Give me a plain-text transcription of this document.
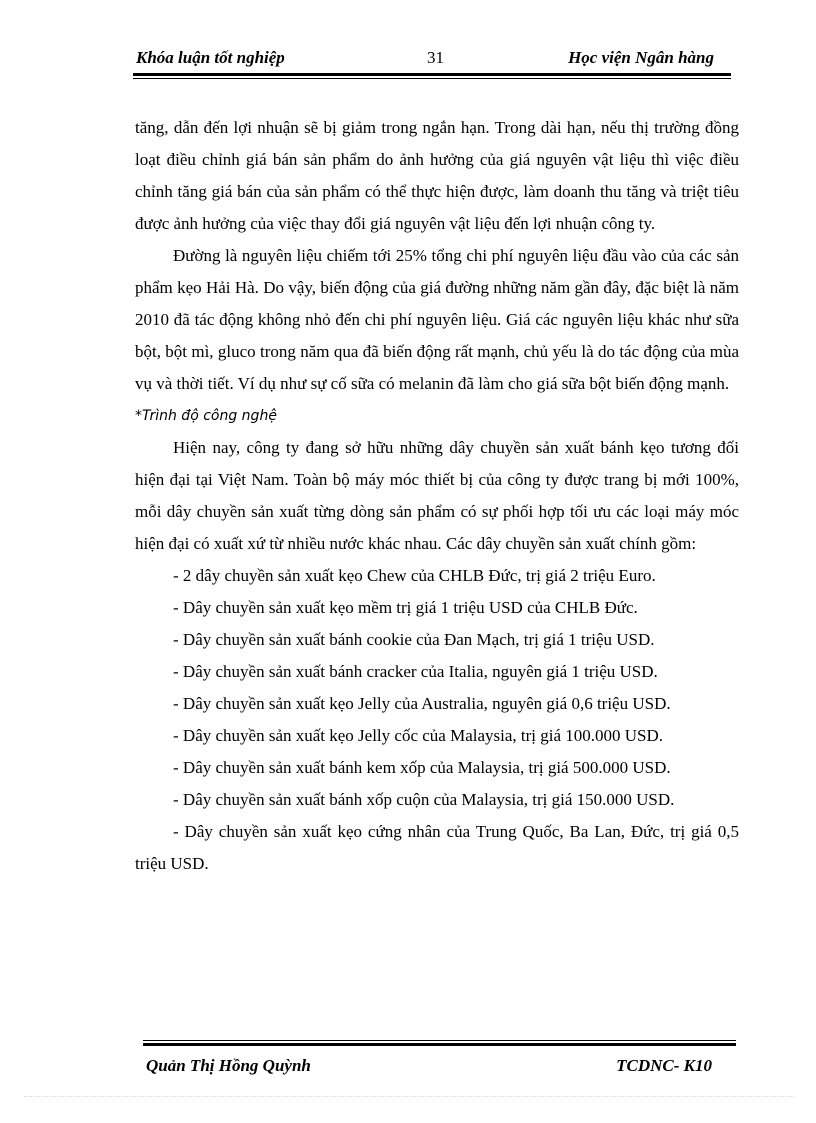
Khóa luận tốt nghiệp	31	Học viện Ngân hàng

tăng, dẫn đến lợi nhuận sẽ bị giảm trong ngắn hạn. Trong dài hạn, nếu thị trường đồng loạt điều chỉnh giá bán sản phẩm do ảnh hưởng của giá nguyên vật liệu thì việc điều chỉnh tăng giá bán của sản phẩm có thể thực hiện được, làm doanh thu tăng và triệt tiêu được ảnh hưởng của việc thay đổi giá nguyên vật liệu đến lợi nhuận công ty.

Đường là nguyên liệu chiếm tới 25% tổng chi phí nguyên liệu đầu vào của các sản phẩm kẹo Hải Hà. Do vậy, biến động của giá đường những năm gần đây, đặc biệt là năm 2010 đã tác động không nhỏ đến chi phí nguyên liệu. Giá các nguyên liệu khác như sữa bột, bột mì, gluco trong năm qua đã biến động rất mạnh, chủ yếu là do tác động của mùa vụ và thời tiết. Ví dụ như sự cố sữa có melanin đã làm cho giá sữa bột biến động mạnh.

*Trình độ công nghệ

Hiện nay, công ty đang sở hữu những dây chuyền sản xuất bánh kẹo tương đối hiện đại tại Việt Nam. Toàn bộ máy móc thiết bị của công ty được trang bị mới 100%, mỗi dây chuyền sản xuất từng dòng sản phẩm có sự phối hợp tối ưu các loại máy móc hiện đại có xuất xứ từ nhiều nước khác nhau. Các dây chuyền sản xuất chính gồm:

- 2 dây chuyền sản xuất kẹo Chew của CHLB Đức, trị giá 2 triệu Euro.

- Dây chuyền sản xuất kẹo mềm trị giá 1 triệu USD của CHLB Đức.

- Dây chuyền sản xuất bánh cookie của Đan Mạch, trị giá 1 triệu USD.

- Dây chuyền sản xuất bánh cracker của Italia, nguyên giá 1 triệu USD.

- Dây chuyền sản xuất kẹo Jelly của Australia, nguyên giá 0,6 triệu USD.

- Dây chuyền sản xuất kẹo Jelly cốc của Malaysia, trị giá 100.000 USD.

- Dây chuyền sản xuất bánh kem xốp của Malaysia, trị giá 500.000 USD.

- Dây chuyền sản xuất bánh xốp cuộn của Malaysia, trị giá 150.000 USD.

- Dây chuyền sản xuất kẹo cứng nhân của Trung Quốc, Ba Lan, Đức, trị giá 0,5 triệu USD.

Quản Thị Hồng Quỳnh	TCDNC- K10
